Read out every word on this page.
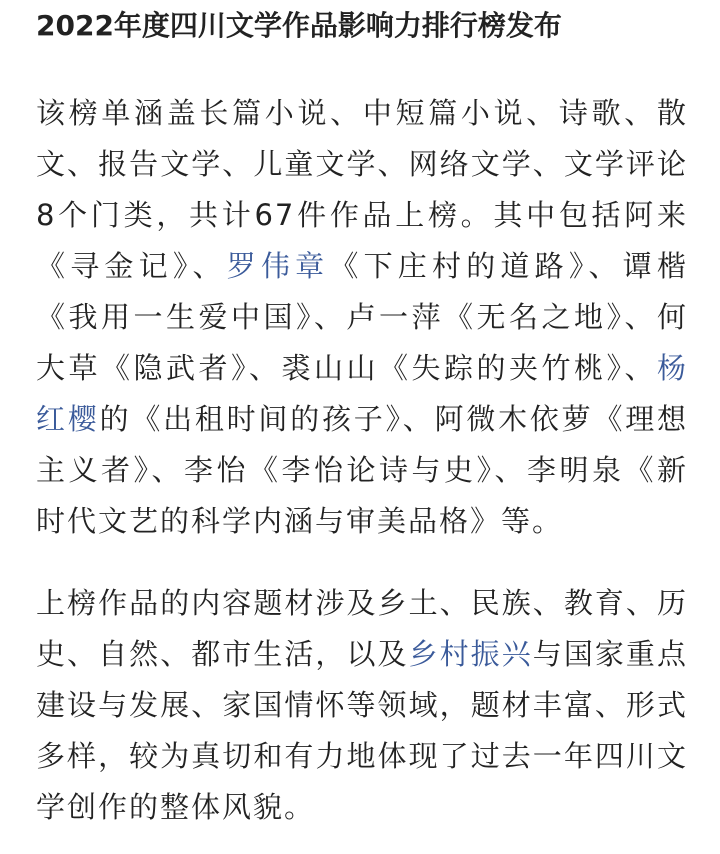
2022年度四川文学作品影响力排行榜发布
该榜单涵盖长篇小说、中短篇小说、诗歌、散文、报告文学、儿童文学、网络文学、文学评论8个门类，共计67件作品上榜。其中包括阿来《寻金记》、罗伟章《下庄村的道路》、谭楷《我用一生爱中国》、卢一萍《无名之地》、何大草《隐武者》、裘山山《失踪的夹竹桃》、杨红樱的《出租时间的孩子》、阿微木依萝《理想主义者》、李怡《李怡论诗与史》、李明泉《新时代文艺的科学内涵与审美品格》等。
上榜作品的内容题材涉及乡土、民族、教育、历史、自然、都市生活，以及乡村振兴与国家重点建设与发展、家国情怀等领域，题材丰富、形式多样，较为真切和有力地体现了过去一年四川文学创作的整体风貌。
